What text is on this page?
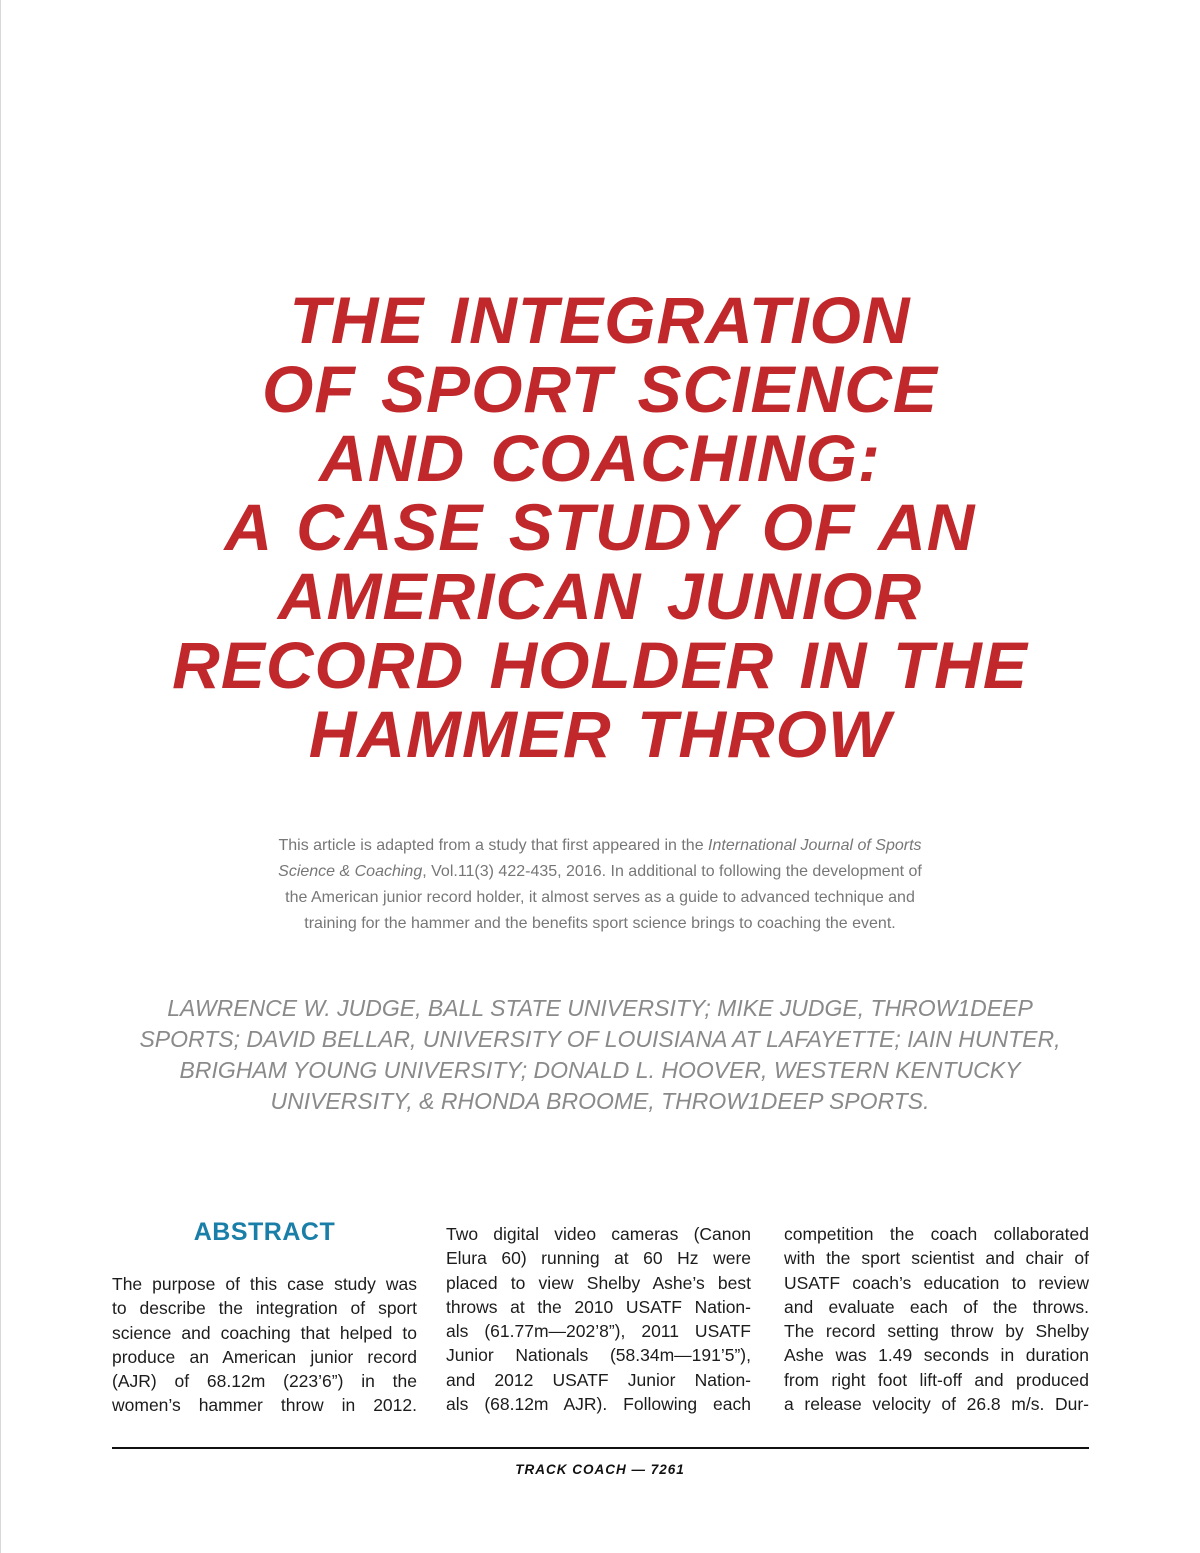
THE INTEGRATION
OF SPORT SCIENCE
AND COACHING:
A CASE STUDY OF AN
AMERICAN JUNIOR
RECORD HOLDER IN THE
HAMMER THROW
This article is adapted from a study that first appeared in the International Journal of Sports
Science & Coaching, Vol.11(3) 422-435, 2016. In additional to following the development of
the American junior record holder, it almost serves as a guide to advanced technique and
training for the hammer and the benefits sport science brings to coaching the event.
LAWRENCE W. JUDGE, BALL STATE UNIVERSITY; MIKE JUDGE, THROW1DEEP
SPORTS; DAVID BELLAR, UNIVERSITY OF LOUISIANA AT LAFAYETTE; IAIN HUNTER,
BRIGHAM YOUNG UNIVERSITY; DONALD L. HOOVER, WESTERN KENTUCKY
UNIVERSITY, & RHONDA BROOME, THROW1DEEP SPORTS.
ABSTRACT
The purpose of this case study was
to describe the integration of sport
science and coaching that helped to
produce an American junior record
(AJR) of 68.12m (223’6”) in the
women’s hammer throw in 2012.
Two digital video cameras (Canon
Elura 60) running at 60 Hz were
placed to view Shelby Ashe’s best
throws at the 2010 USATF Nation-
als (61.77m—202’8”), 2011 USATF
Junior Nationals (58.34m—191’5”),
and 2012 USATF Junior Nation-
als (68.12m AJR). Following each
competition the coach collaborated
with the sport scientist and chair of
USATF coach’s education to review
and evaluate each of the throws.
The record setting throw by Shelby
Ashe was 1.49 seconds in duration
from right foot lift-off and produced
a release velocity of 26.8 m/s. Dur-
TRACK COACH — 7261
